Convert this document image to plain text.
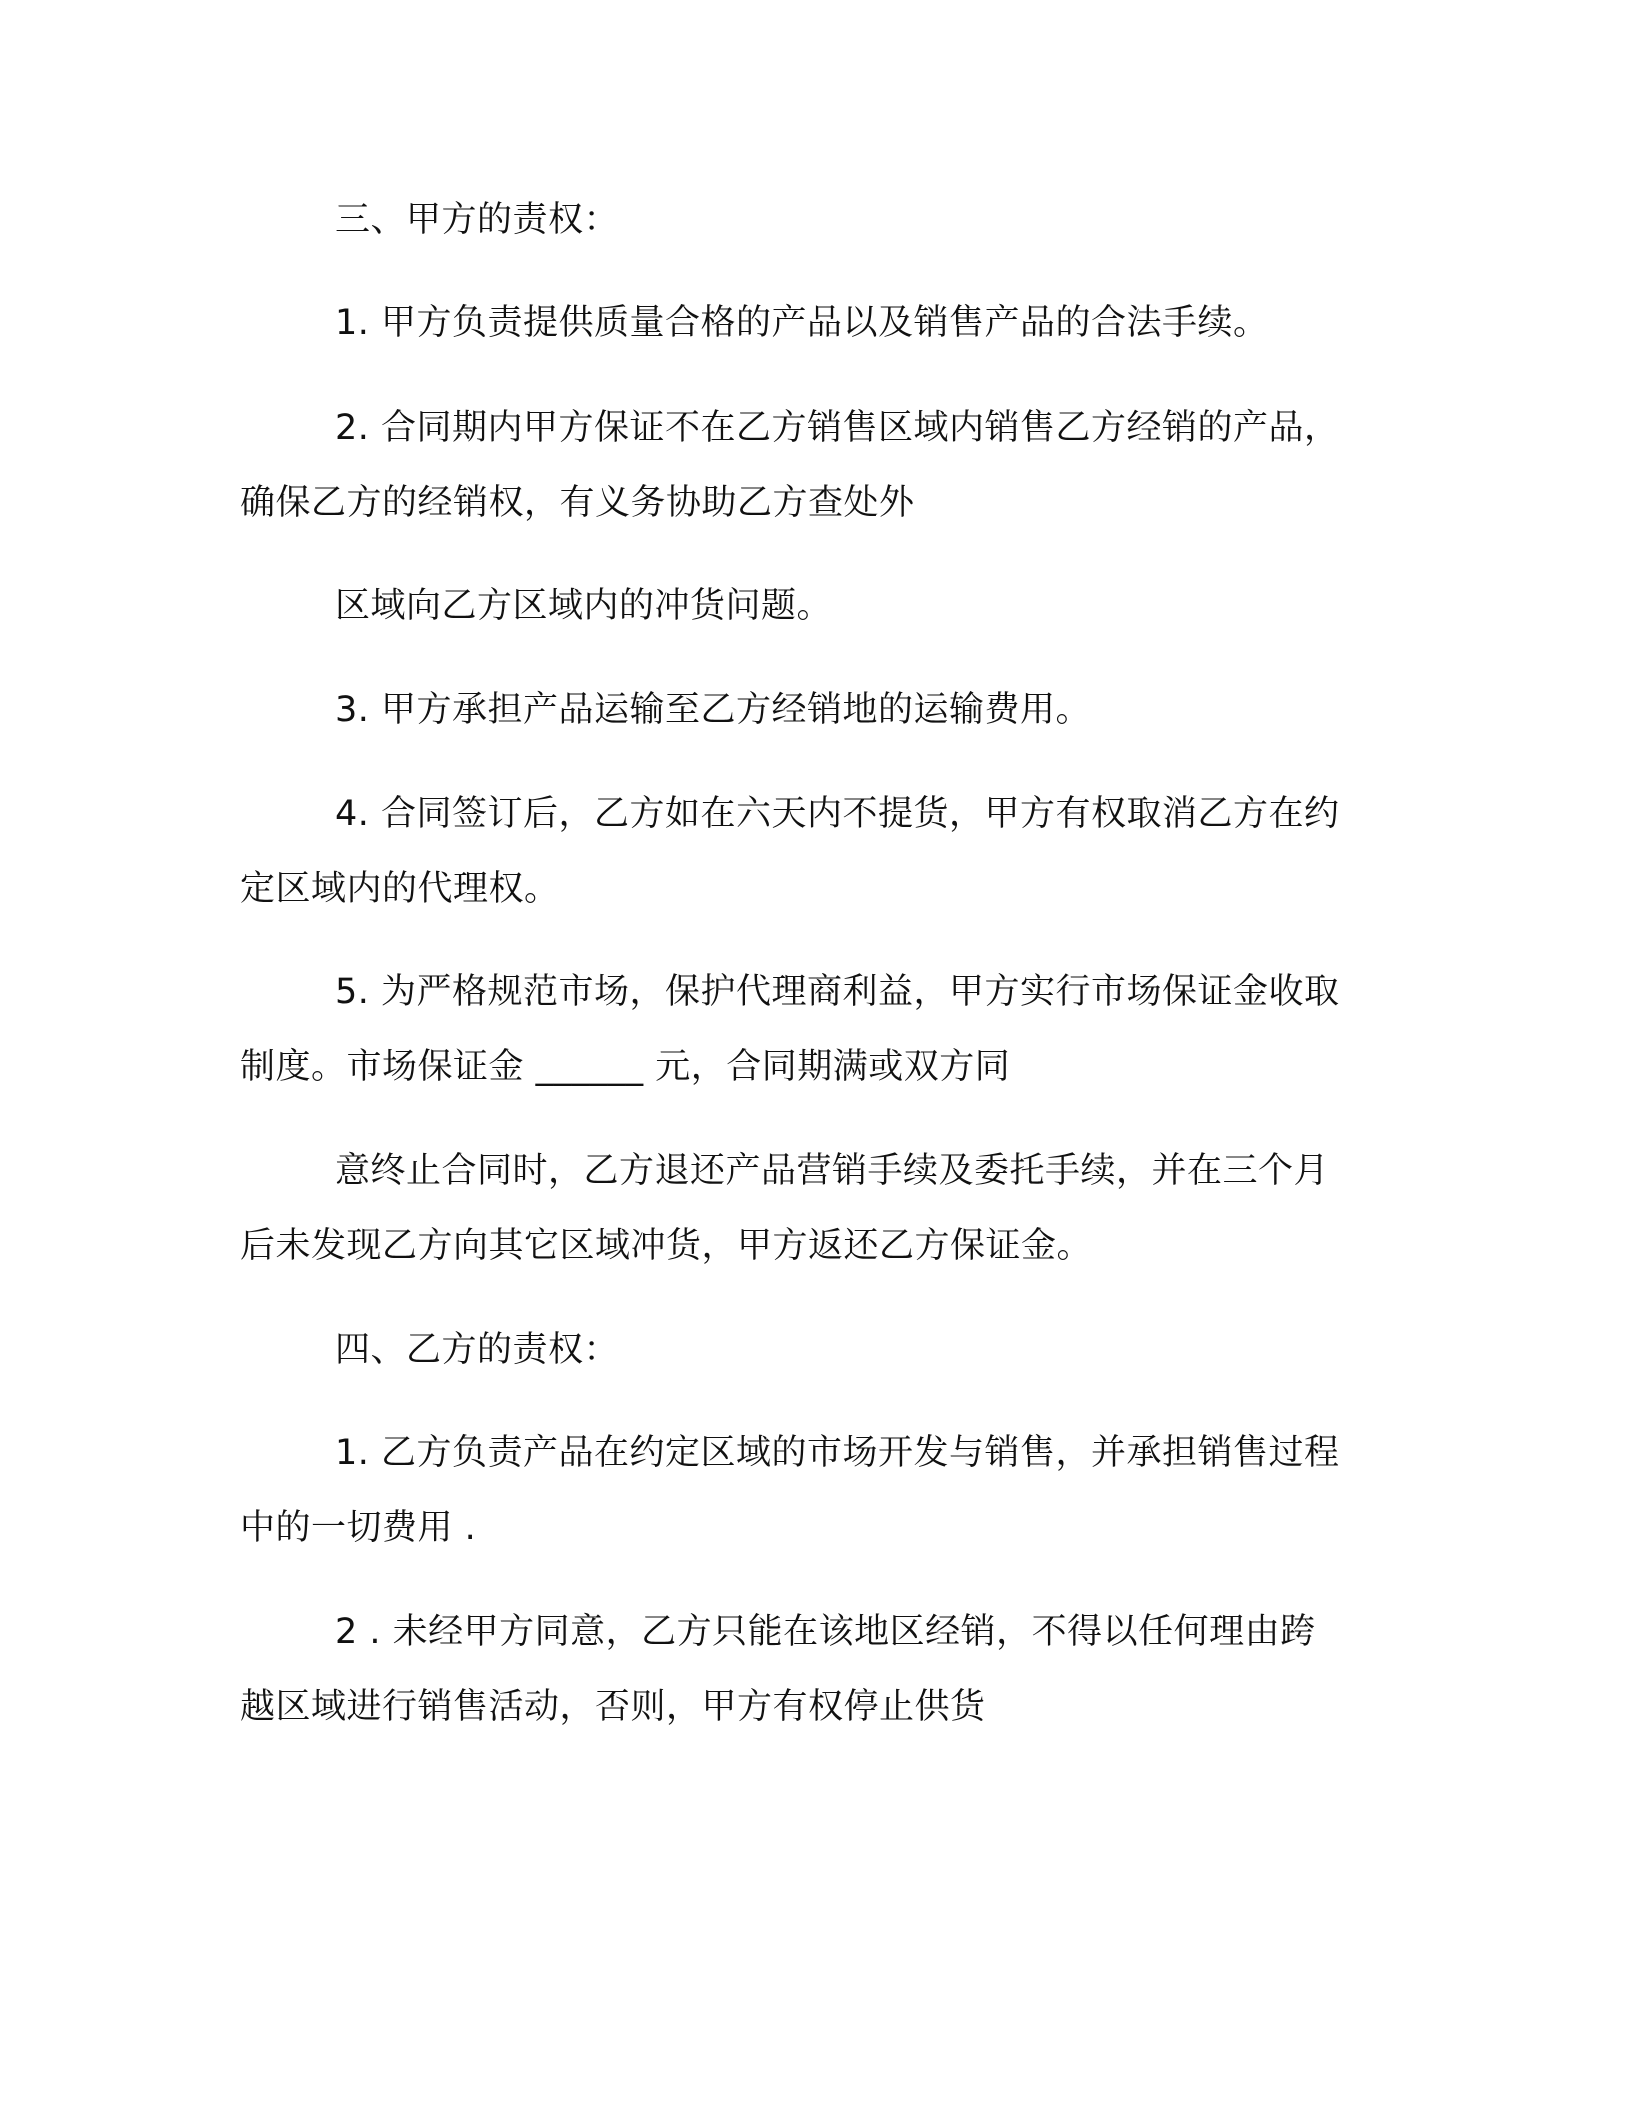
三、甲方的责权：
1. 甲方负责提供质量合格的产品以及销售产品的合法手续。
2. 合同期内甲方保证不在乙方销售区域内销售乙方经销的产品，
确保乙方的经销权，有义务协助乙方查处外
区域向乙方区域内的冲货问题。
3. 甲方承担产品运输至乙方经销地的运输费用。
4. 合同签订后，乙方如在六天内不提货，甲方有权取消乙方在约
定区域内的代理权。
5. 为严格规范市场，保护代理商利益，甲方实行市场保证金收取
制度。市场保证金 ______ 元，合同期满或双方同
意终止合同时，乙方退还产品营销手续及委托手续，并在三个月
后未发现乙方向其它区域冲货，甲方返还乙方保证金。
四、乙方的责权：
1. 乙方负责产品在约定区域的市场开发与销售，并承担销售过程
中的一切费用 .
2 . 未经甲方同意，乙方只能在该地区经销，不得以任何理由跨
越区域进行销售活动，否则，甲方有权停止供货
